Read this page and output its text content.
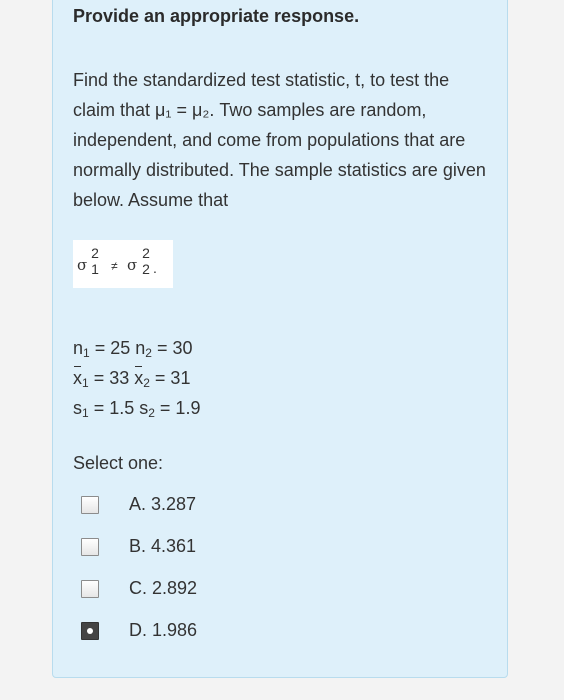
Provide an appropriate response.
Find the standardized test statistic, t, to test the claim that μ₁ = μ₂. Two samples are random, independent, and come from populations that are normally distributed. The sample statistics are given below. Assume that
σ
2
1 ≠ σ
2
2 .
$n_1 = 25$ $n_2 = 30$
$x_1 = 33$ $x_2 = 31$
$s_1 = 1.5$ $s_2 = 1.9$
Select one:
A. 3.287
B. 4.361
C. 2.892
D. 1.986
